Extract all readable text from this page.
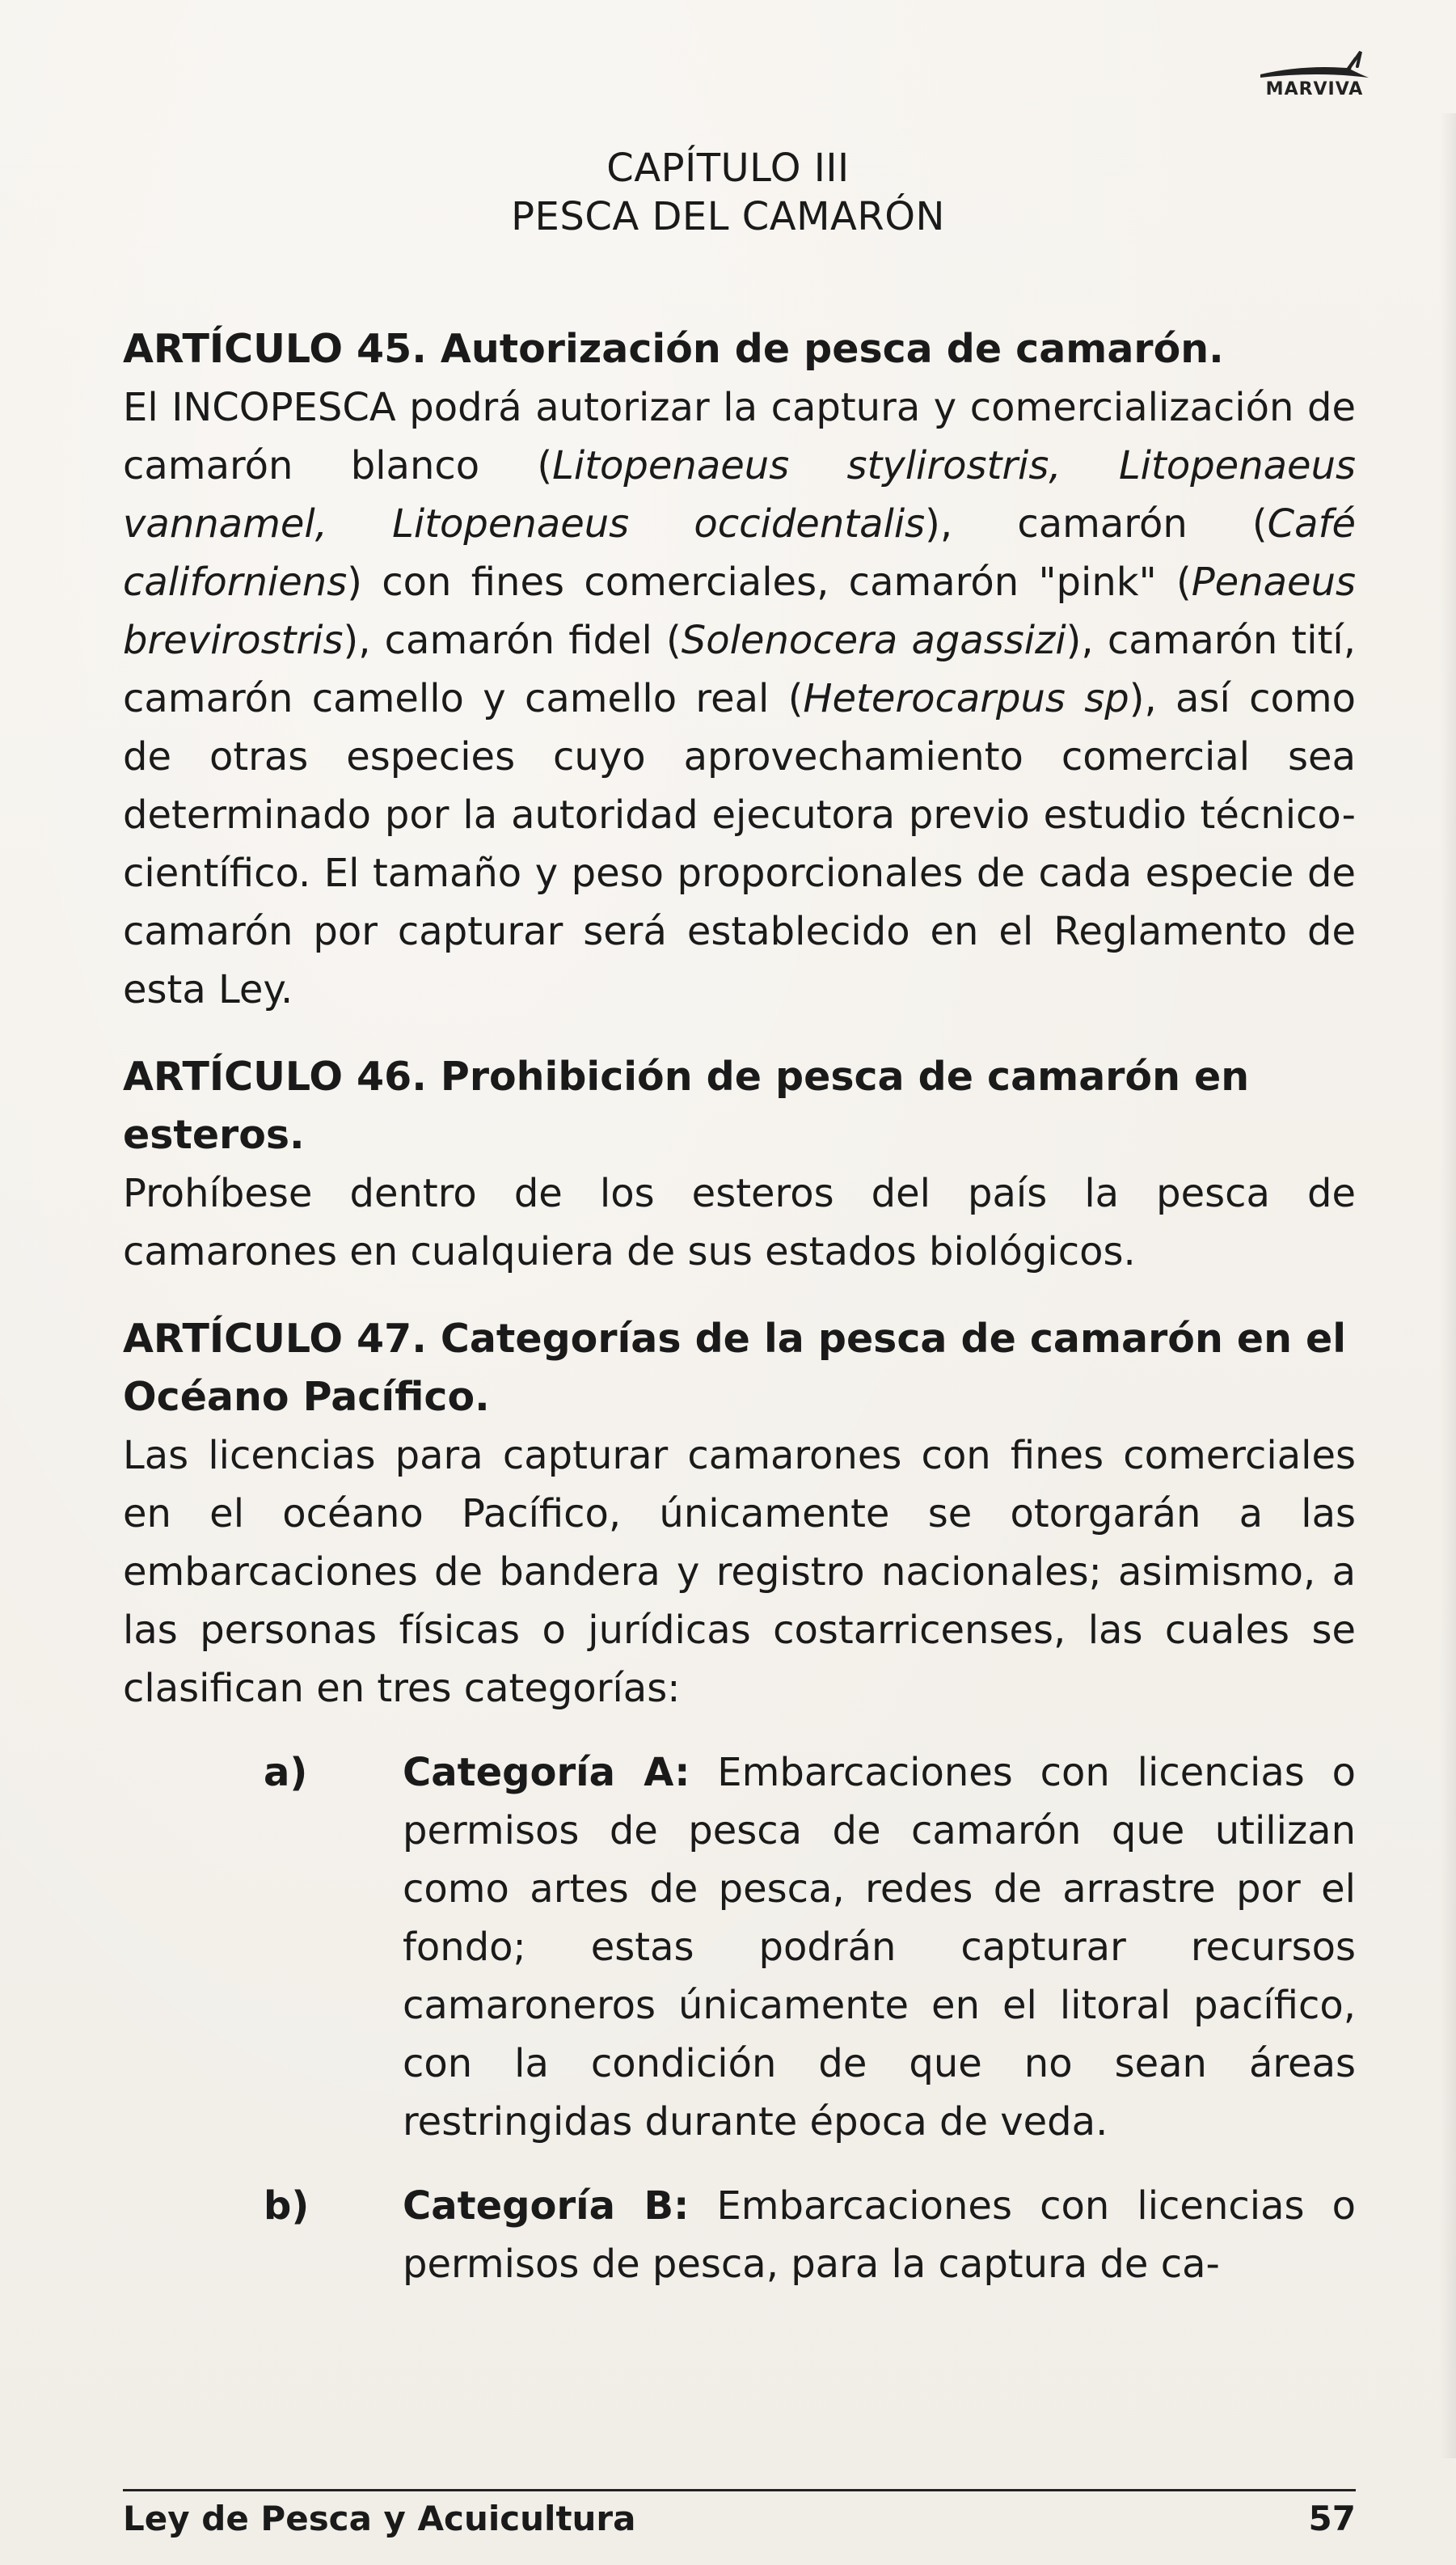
MARVIVA
CAPÍTULO III
PESCA DEL CAMARÓN
ARTÍCULO 45. Autorización de pesca de camarón.
El INCOPESCA podrá autorizar la captura y comercialización de camarón blanco (Litopenaeus stylirostris, Litopenaeus vannamel, Litopenaeus occidentalis), camarón (Café californiens) con fines comerciales, camarón "pink" (Penaeus brevirostris), camarón fidel (Solenocera agassizi), camarón tití, camarón camello y camello real (Heterocarpus sp), así como de otras especies cuyo aprovechamiento comercial sea determinado por la autoridad ejecutora previo estudio técnico-científico. El tamaño y peso proporcionales de cada especie de camarón por capturar será establecido en el Reglamento de esta Ley.
ARTÍCULO 46. Prohibición de pesca de camarón en esteros.
Prohíbese dentro de los esteros del país la pesca de camarones en cualquiera de sus estados biológicos.
ARTÍCULO 47. Categorías de la pesca de camarón en el Océano Pacífico.
Las licencias para capturar camarones con fines comerciales en el océano Pacífico, únicamente se otorgarán a las embarcaciones de bandera y registro nacionales; asimismo, a las personas físicas o jurídicas costarricenses, las cuales se clasifican en tres categorías:
a)	Categoría A: Embarcaciones con licencias o permisos de pesca de camarón que utilizan como artes de pesca, redes de arrastre por el fondo; estas podrán capturar recursos camaroneros únicamente en el litoral pacífico, con la condición de que no sean áreas restringidas durante época de veda.
b)	Categoría B: Embarcaciones con licencias o permisos de pesca, para la captura de ca-
Ley de Pesca y Acuicultura	57
